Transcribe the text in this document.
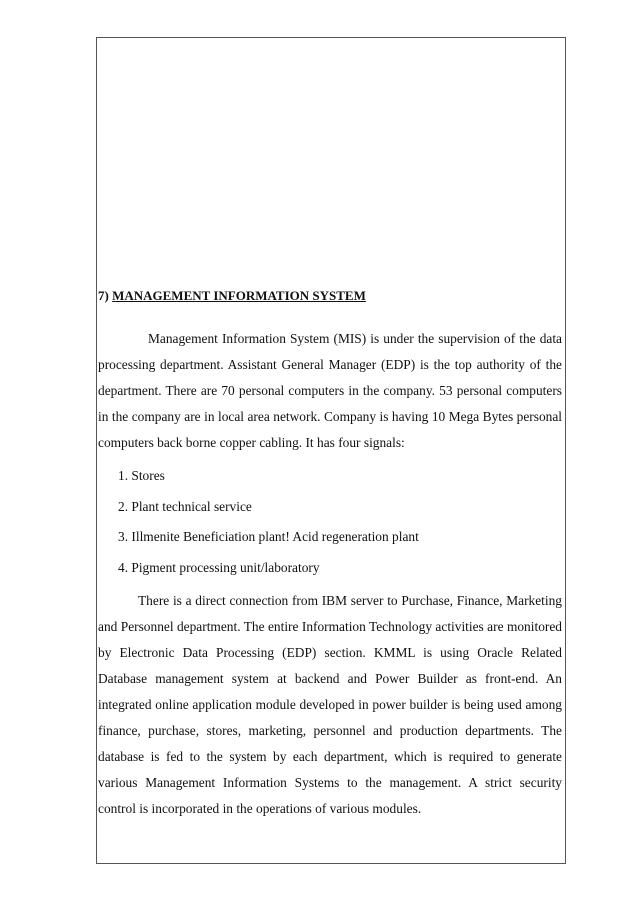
7) MANAGEMENT INFORMATION SYSTEM

Management Information System (MIS) is under the supervision of the data processing department. Assistant General Manager (EDP) is the top authority of the department. There are 70 personal computers in the company. 53 personal computers in the company are in local area network. Company is having 10 Mega Bytes personal computers back borne copper cabling. It has four signals:

1. Stores
2. Plant technical service
3. Illmenite Beneficiation plant! Acid regeneration plant
4. Pigment processing unit/laboratory

There is a direct connection from IBM server to Purchase, Finance, Marketing and Personnel department. The entire Information Technology activities are monitored by Electronic Data Processing (EDP) section. KMML is using Oracle Related Database management system at backend and Power Builder as front-end. An integrated online application module developed in power builder is being used among finance, purchase, stores, marketing, personnel and production departments. The database is fed to the system by each department, which is required to generate various Management Information Systems to the management. A strict security control is incorporated in the operations of various modules.
